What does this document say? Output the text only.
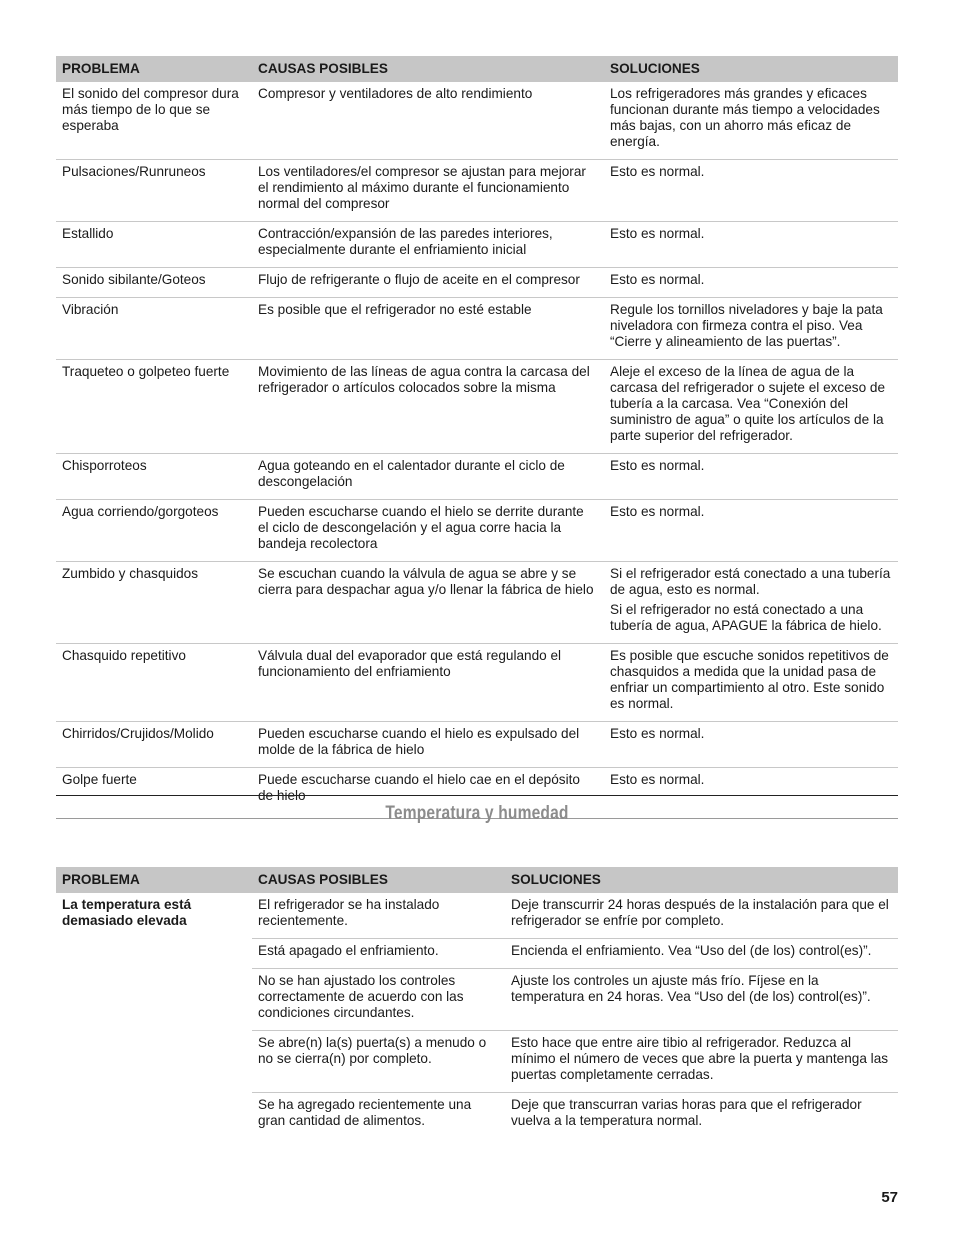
PROBLEMA	CAUSAS POSIBLES	SOLUCIONES
El sonido del compresor dura más tiempo de lo que se esperaba	Compresor y ventiladores de alto rendimiento	Los refrigeradores más grandes y eficaces funcionan durante más tiempo a velocidades más bajas, con un ahorro más eficaz de energía.

Pulsaciones/Runruneos	Los ventiladores/el compresor se ajustan para mejorar el rendimiento al máximo durante el funcionamiento normal del compresor	Esto es normal.

Estallido	Contracción/expansión de las paredes interiores, especialmente durante el enfriamiento inicial	Esto es normal.

Sonido sibilante/Goteos	Flujo de refrigerante o flujo de aceite en el compresor	Esto es normal.

Vibración	Es posible que el refrigerador no esté estable	Regule los tornillos niveladores y baje la pata niveladora con firmeza contra el piso. Vea “Cierre y alineamiento de las puertas”.

Traqueteo o golpeteo fuerte	Movimiento de las líneas de agua contra la carcasa del refrigerador o artículos colocados sobre la misma	Aleje el exceso de la línea de agua de la carcasa del refrigerador o sujete el exceso de tubería a la carcasa. Vea “Conexión del suministro de agua” o quite los artículos de la parte superior del refrigerador.

Chisporroteos	Agua goteando en el calentador durante el ciclo de descongelación	Esto es normal.

Agua corriendo/gorgoteos	Pueden escucharse cuando el hielo se derrite durante el ciclo de descongelación y el agua corre hacia la bandeja recolectora	Esto es normal.

Zumbido y chasquidos	Se escuchan cuando la válvula de agua se abre y se cierra para despachar agua y/o llenar la fábrica de hielo	Si el refrigerador está conectado a una tubería de agua, esto es normal.

Si el refrigerador no está conectado a una tubería de agua, APAGUE la fábrica de hielo.

Chasquido repetitivo	Válvula dual del evaporador que está regulando el funcionamiento del enfriamiento	Es posible que escuche sonidos repetitivos de chasquidos a medida que la unidad pasa de enfriar un compartimiento al otro. Este sonido es normal.

Chirridos/Crujidos/Molido	Pueden escucharse cuando el hielo es expulsado del molde de la fábrica de hielo	Esto es normal.

Golpe fuerte	Puede escucharse cuando el hielo cae en el depósito de hielo	Esto es normal.

Temperatura y humedad
PROBLEMA	CAUSAS POSIBLES	SOLUCIONES
La temperatura está demasiado elevada	El refrigerador se ha instalado recientemente.	Deje transcurrir 24 horas después de la instalación para que el refrigerador se enfríe por completo.
	Está apagado el enfriamiento.	Encienda el enfriamiento. Vea “Uso del (de los) control(es)”.
	No se han ajustado los controles correctamente de acuerdo con las condiciones circundantes.	Ajuste los controles un ajuste más frío. Fíjese en la temperatura en 24 horas. Vea “Uso del (de los) control(es)”.
	Se abre(n) la(s) puerta(s) a menudo o no se cierra(n) por completo.	Esto hace que entre aire tibio al refrigerador. Reduzca al mínimo el número de veces que abre la puerta y mantenga las puertas completamente cerradas.
	Se ha agregado recientemente una gran cantidad de alimentos.	Deje que transcurran varias horas para que el refrigerador vuelva a la temperatura normal.
57
